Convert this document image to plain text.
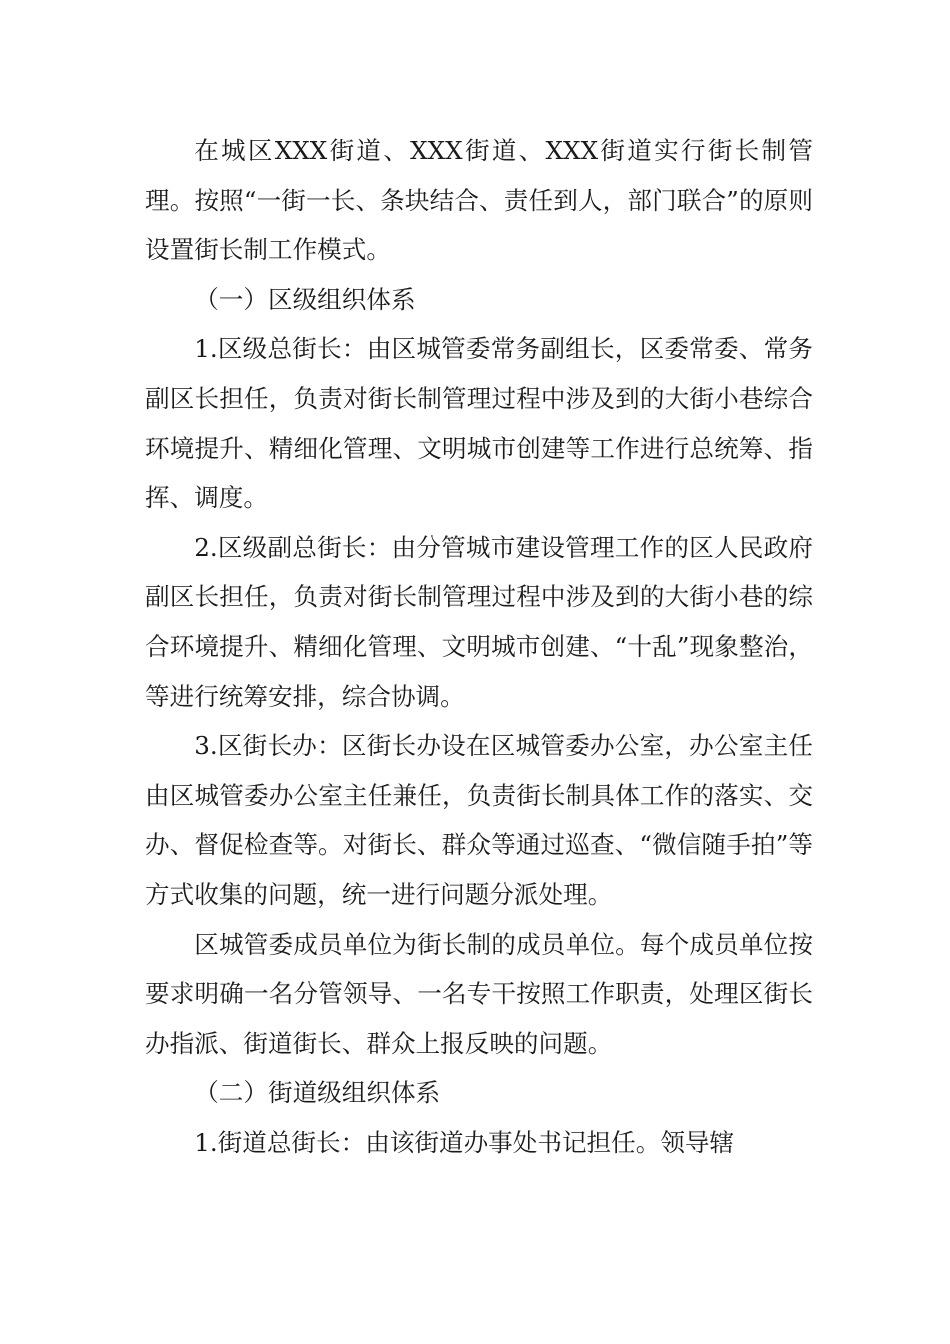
在城区XXX街道、XXX街道、XXX街道实行街长制管理。按照“一街一长、条块结合、责任到人，部门联合”的原则设置街长制工作模式。

（一）区级组织体系

1.区级总街长：由区城管委常务副组长，区委常委、常务副区长担任，负责对街长制管理过程中涉及到的大街小巷综合环境提升、精细化管理、文明城市创建等工作进行总统筹、指挥、调度。

2.区级副总街长：由分管城市建设管理工作的区人民政府副区长担任，负责对街长制管理过程中涉及到的大街小巷的综合环境提升、精细化管理、文明城市创建、“十乱”现象整治，等进行统筹安排，综合协调。

3.区街长办：区街长办设在区城管委办公室，办公室主任由区城管委办公室主任兼任，负责街长制具体工作的落实、交办、督促检查等。对街长、群众等通过巡查、“微信随手拍”等方式收集的问题，统一进行问题分派处理。

区城管委成员单位为街长制的成员单位。每个成员单位按要求明确一名分管领导、一名专干按照工作职责，处理区街长办指派、街道街长、群众上报反映的问题。

（二）街道级组织体系

1.街道总街长：由该街道办事处书记担任。领导辖
